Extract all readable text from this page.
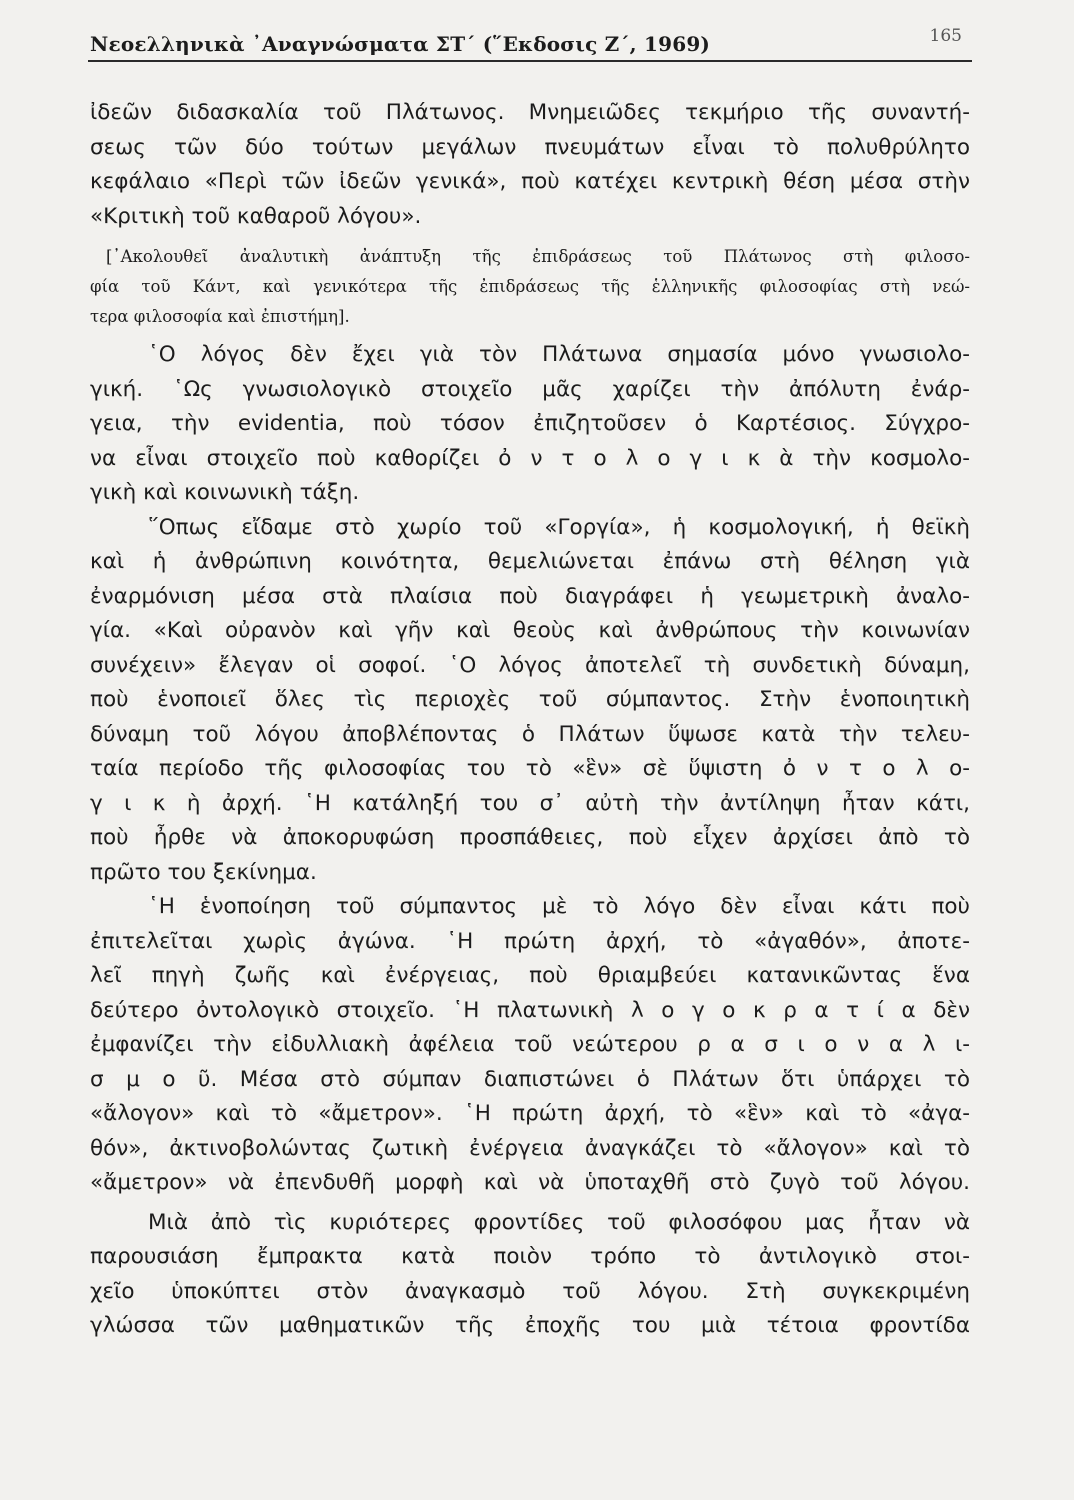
Νεοελληνικὰ ᾿Αναγνώσματα ΣΤ΄ (῞Εκδοσις Ζ΄, 1969)	165
ἰδεῶν διδασκαλία τοῦ Πλάτωνος. Μνημειῶδες τεκμήριο τῆς συναντή-
σεως τῶν δύο τούτων μεγάλων πνευμάτων εἶναι τὸ πολυθρύλητο
κεφάλαιο «Περὶ τῶν ἰδεῶν γενικά», ποὺ κατέχει κεντρικὴ θέση μέσα στὴν
«Κριτικὴ τοῦ καθαροῦ λόγου».
[᾿Ακολουθεῖ ἀναλυτικὴ ἀνάπτυξη τῆς ἐπιδράσεως τοῦ Πλάτωνος στὴ φιλοσο-
φία τοῦ Κάντ, καὶ γενικότερα τῆς ἐπιδράσεως τῆς ἑλληνικῆς φιλοσοφίας στὴ νεώ-
τερα φιλοσοφία καὶ ἐπιστήμη].
῾Ο λόγος δὲν ἔχει γιὰ τὸν Πλάτωνα σημασία μόνο γνωσιολο-
γική. ῾Ως γνωσιολογικὸ στοιχεῖο μᾶς χαρίζει τὴν ἀπόλυτη ἐνάρ-
γεια, τὴν evidentia, ποὺ τόσον ἐπιζητοῦσεν ὁ Καρτέσιος. Σύγχρο-
να εἶναι στοιχεῖο ποὺ καθορίζει ὀ ν τ ο λ ο γ ι κ ὰ τὴν κοσμολο-
γικὴ καὶ κοινωνικὴ τάξη.
῞Οπως εἴδαμε στὸ χωρίο τοῦ «Γοργία», ἡ κοσμολογική, ἡ θεϊκὴ
καὶ ἡ ἀνθρώπινη κοινότητα, θεμελιώνεται ἐπάνω στὴ θέληση γιὰ
ἐναρμόνιση μέσα στὰ πλαίσια ποὺ διαγράφει ἡ γεωμετρικὴ ἀναλο-
γία. «Καὶ οὐρανὸν καὶ γῆν καὶ θεοὺς καὶ ἀνθρώπους τὴν κοινωνίαν
συνέχειν» ἔλεγαν οἱ σοφοί. ῾Ο λόγος ἀποτελεῖ τὴ συνδετικὴ δύναμη,
ποὺ ἑνοποιεῖ ὅλες τὶς περιοχὲς τοῦ σύμπαντος. Στὴν ἑνοποιητικὴ
δύναμη τοῦ λόγου ἀποβλέποντας ὁ Πλάτων ὕψωσε κατὰ τὴν τελευ-
ταία περίοδο τῆς φιλοσοφίας του τὸ «ἓν» σὲ ὕψιστη ὀ ν τ ο λ ο-
γ ι κ ὴ ἀρχή. ῾Η κατάληξή του σ᾿ αὐτὴ τὴν ἀντίληψη ἦταν κάτι,
ποὺ ἦρθε νὰ ἀποκορυφώση προσπάθειες, ποὺ εἶχεν ἀρχίσει ἀπὸ τὸ
πρῶτο του ξεκίνημα.
῾Η ἑνοποίηση τοῦ σύμπαντος μὲ τὸ λόγο δὲν εἶναι κάτι ποὺ
ἐπιτελεῖται χωρὶς ἀγώνα. ῾Η πρώτη ἀρχή, τὸ «ἀγαθόν», ἀποτε-
λεῖ πηγὴ ζωῆς καὶ ἐνέργειας, ποὺ θριαμβεύει κατανικῶντας ἕνα
δεύτερο ὀντολογικὸ στοιχεῖο. ῾Η πλατωνικὴ λ ο γ ο κ ρ α τ ί α δὲν
ἐμφανίζει τὴν εἰδυλλιακὴ ἀφέλεια τοῦ νεώτερου ρ α σ ι ο ν α λ ι-
σ μ ο ῦ. Μέσα στὸ σύμπαν διαπιστώνει ὁ Πλάτων ὅτι ὑπάρχει τὸ
«ἄλογον» καὶ τὸ «ἄμετρον». ῾Η πρώτη ἀρχή, τὸ «ἓν» καὶ τὸ «ἀγα-
θόν», ἀκτινοβολώντας ζωτικὴ ἐνέργεια ἀναγκάζει τὸ «ἄλογον» καὶ τὸ
«ἄμετρον» νὰ ἐπενδυθῆ μορφὴ καὶ νὰ ὑποταχθῆ στὸ ζυγὸ τοῦ λόγου.
Μιὰ ἀπὸ τὶς κυριότερες φροντίδες τοῦ φιλοσόφου μας ἦταν νὰ
παρουσιάση ἔμπρακτα κατὰ ποιὸν τρόπο τὸ ἀντιλογικὸ στοι-
χεῖο ὑποκύπτει στὸν ἀναγκασμὸ τοῦ λόγου. Στὴ συγκεκριμένη
γλώσσα τῶν μαθηματικῶν τῆς ἐποχῆς του μιὰ τέτοια φροντίδα
